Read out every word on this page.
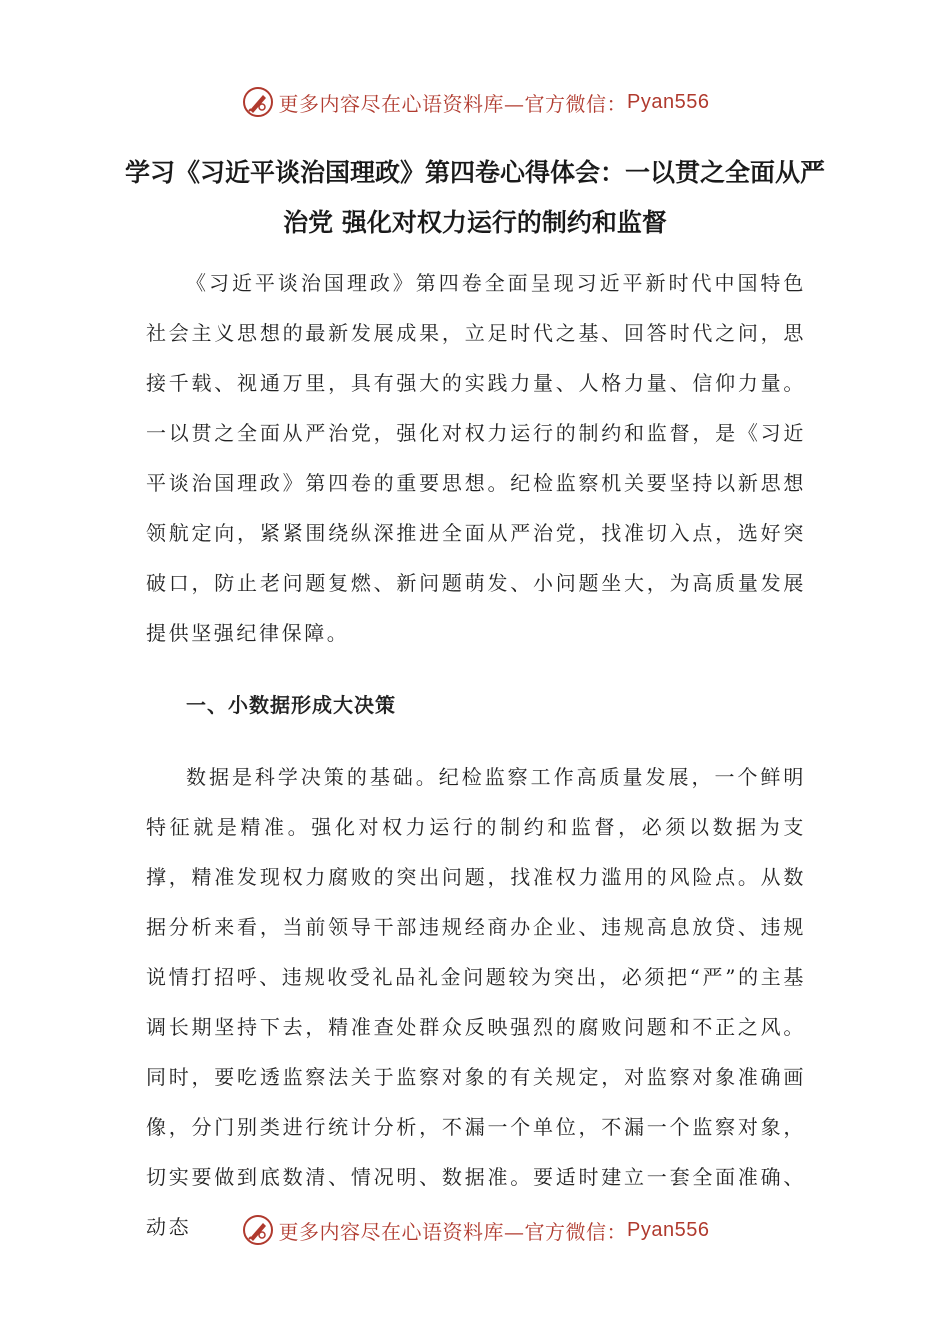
更多内容尽在心语资料库—官方微信： Pyan556
学习《习近平谈治国理政》第四卷心得体会：一以贯之全面从严治党 强化对权力运行的制约和监督

《习近平谈治国理政》第四卷全面呈现习近平新时代中国特色社会主义思想的最新发展成果，立足时代之基、回答时代之问，思接千载、视通万里，具有强大的实践力量、人格力量、信仰力量。一以贯之全面从严治党，强化对权力运行的制约和监督，是《习近平谈治国理政》第四卷的重要思想。纪检监察机关要坚持以新思想领航定向，紧紧围绕纵深推进全面从严治党，找准切入点，选好突破口，防止老问题复燃、新问题萌发、小问题坐大，为高质量发展提供坚强纪律保障。

一、小数据形成大决策

数据是科学决策的基础。纪检监察工作高质量发展，一个鲜明特征就是精准。强化对权力运行的制约和监督，必须以数据为支撑，精准发现权力腐败的突出问题，找准权力滥用的风险点。从数据分析来看，当前领导干部违规经商办企业、违规高息放贷、违规说情打招呼、违规收受礼品礼金问题较为突出，必须把“严”的主基调长期坚持下去，精准查处群众反映强烈的腐败问题和不正之风。同时，要吃透监察法关于监察对象的有关规定，对监察对象准确画像，分门别类进行统计分析，不漏一个单位，不漏一个监察对象，切实要做到底数清、情况明、数据准。要适时建立一套全面准确、动态	更多内容尽在心语资料库—官方微信： Pyan556
